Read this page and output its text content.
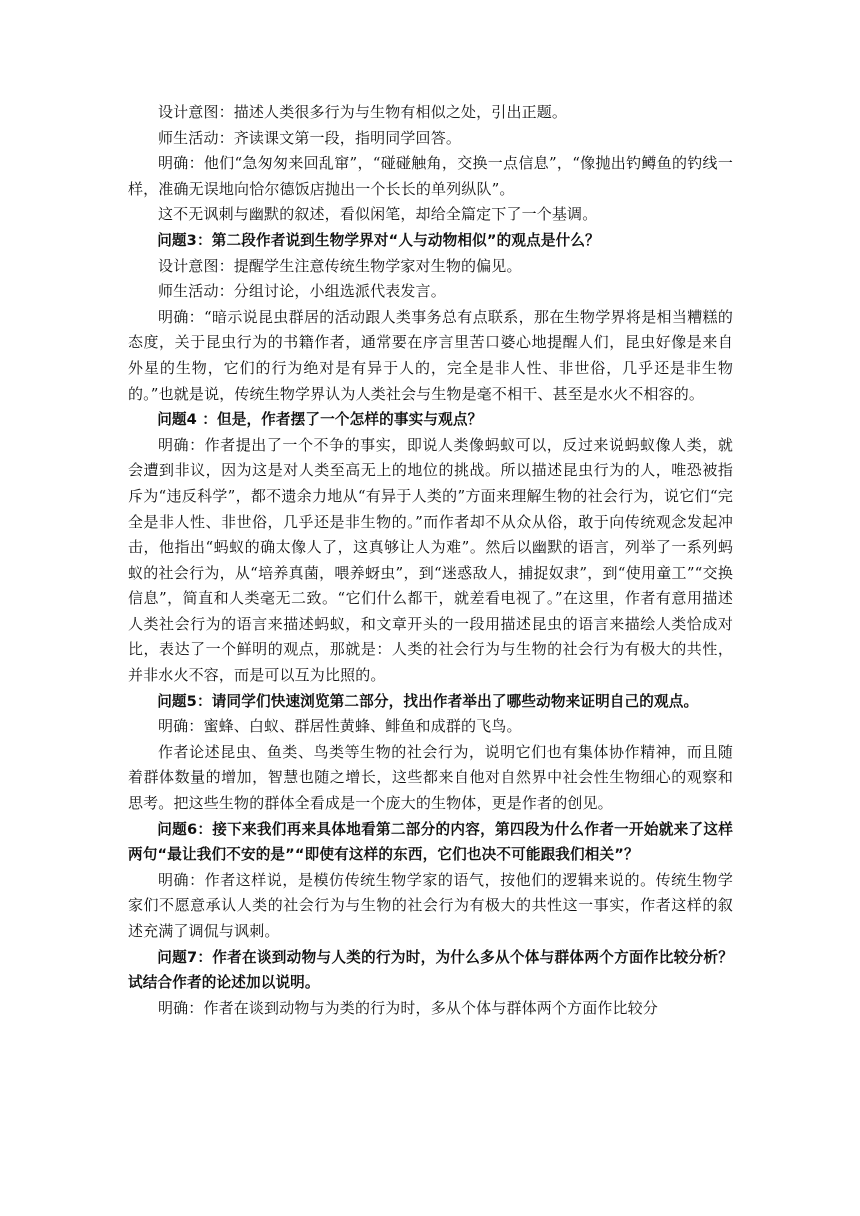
设计意图：描述人类很多行为与生物有相似之处，引出正题。

师生活动：齐读课文第一段，指明同学回答。

明确：他们“急匆匆来回乱窜”，“碰碰触角，交换一点信息”，“像抛出钓鳟鱼的钓线一样，准确无误地向恰尔德饭店抛出一个长长的单列纵队”。

这不无讽刺与幽默的叙述，看似闲笔，却给全篇定下了一个基调。

问题3：第二段作者说到生物学界对“人与动物相似”的观点是什么？

设计意图：提醒学生注意传统生物学家对生物的偏见。

师生活动：分组讨论，小组选派代表发言。

明确：“暗示说昆虫群居的活动跟人类事务总有点联系，那在生物学界将是相当糟糕的态度，关于昆虫行为的书籍作者，通常要在序言里苦口婆心地提醒人们，昆虫好像是来自外星的生物，它们的行为绝对是有异于人的，完全是非人性、非世俗，几乎还是非生物的。”也就是说，传统生物学界认为人类社会与生物是毫不相干、甚至是水火不相容的。

问题4 ：但是，作者摆了一个怎样的事实与观点？

明确：作者提出了一个不争的事实，即说人类像蚂蚁可以，反过来说蚂蚁像人类，就会遭到非议，因为这是对人类至高无上的地位的挑战。所以描述昆虫行为的人，唯恐被指斥为“违反科学”，都不遗余力地从“有异于人类的”方面来理解生物的社会行为，说它们“完全是非人性、非世俗，几乎还是非生物的。”而作者却不从众从俗，敢于向传统观念发起冲击，他指出“蚂蚁的确太像人了，这真够让人为难”。然后以幽默的语言，列举了一系列蚂蚁的社会行为，从“培养真菌，喂养蚜虫”，到“迷惑敌人，捕捉奴隶”，到“使用童工”“交换信息”，简直和人类毫无二致。“它们什么都干，就差看电视了。”在这里，作者有意用描述人类社会行为的语言来描述蚂蚁，和文章开头的一段用描述昆虫的语言来描绘人类恰成对比，表达了一个鲜明的观点，那就是：人类的社会行为与生物的社会行为有极大的共性，并非水火不容，而是可以互为比照的。

问题5：请同学们快速浏览第二部分，找出作者举出了哪些动物来证明自己的观点。

明确：蜜蜂、白蚁、群居性黄蜂、鲱鱼和成群的飞鸟。

作者论述昆虫、鱼类、鸟类等生物的社会行为，说明它们也有集体协作精神，而且随着群体数量的增加，智慧也随之增长，这些都来自他对自然界中社会性生物细心的观察和思考。把这些生物的群体全看成是一个庞大的生物体，更是作者的创见。

问题6：接下来我们再来具体地看第二部分的内容，第四段为什么作者一开始就来了这样两句“最让我们不安的是”“即使有这样的东西，它们也决不可能跟我们相关”？

明确：作者这样说，是模仿传统生物学家的语气，按他们的逻辑来说的。传统生物学家们不愿意承认人类的社会行为与生物的社会行为有极大的共性这一事实，作者这样的叙述充满了调侃与讽刺。

问题7：作者在谈到动物与人类的行为时，为什么多从个体与群体两个方面作比较分析？试结合作者的论述加以说明。

明确：作者在谈到动物与为类的行为时，多从个体与群体两个方面作比较分
